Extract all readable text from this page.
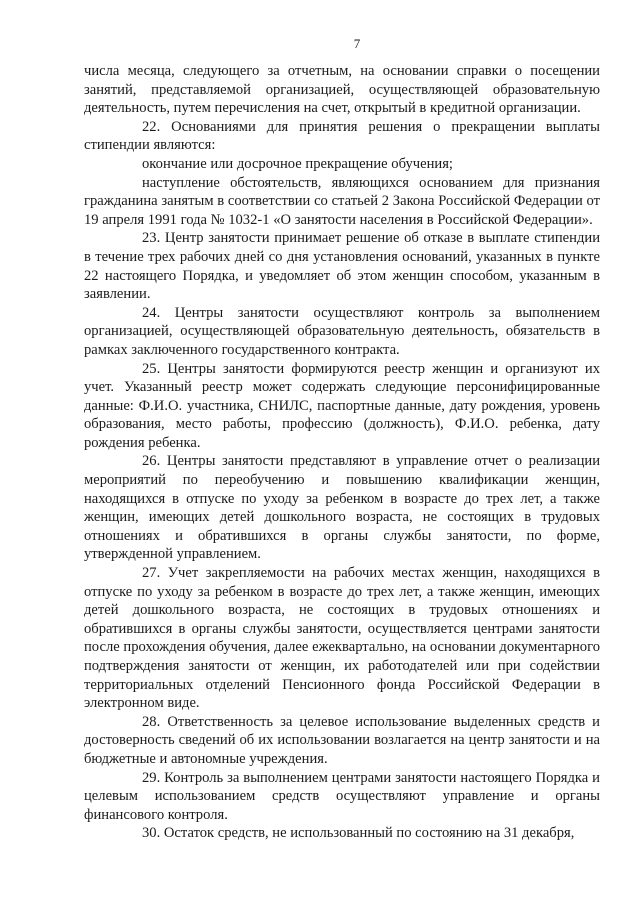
7

числа месяца, следующего за отчетным, на основании справки о посещении занятий, представляемой организацией, осуществляющей образовательную деятельность, путем перечисления на счет, открытый в кредитной организации.

22. Основаниями для принятия решения о прекращении выплаты стипендии являются:

окончание или досрочное прекращение обучения;

наступление обстоятельств, являющихся основанием для признания гражданина занятым в соответствии со статьей 2 Закона Российской Федерации от 19 апреля 1991 года № 1032-1 «О занятости населения в Российской Федерации».

23. Центр занятости принимает решение об отказе в выплате стипендии в течение трех рабочих дней со дня установления оснований, указанных в пункте 22 настоящего Порядка, и уведомляет об этом женщин способом, указанным в заявлении.

24. Центры занятости осуществляют контроль за выполнением организацией, осуществляющей образовательную деятельность, обязательств в рамках заключенного государственного контракта.

25. Центры занятости формируются реестр женщин и организуют их учет. Указанный реестр может содержать следующие персонифицированные данные: Ф.И.О. участника, СНИЛС, паспортные данные, дату рождения, уровень образования, место работы, профессию (должность), Ф.И.О. ребенка, дату рождения ребенка.

26. Центры занятости представляют в управление отчет о реализации мероприятий по переобучению и повышению квалификации женщин, находящихся в отпуске по уходу за ребенком в возрасте до трех лет, а также женщин, имеющих детей дошкольного возраста, не состоящих в трудовых отношениях и обратившихся в органы службы занятости, по форме, утвержденной управлением.

27. Учет закрепляемости на рабочих местах женщин, находящихся в отпуске по уходу за ребенком в возрасте до трех лет, а также женщин, имеющих детей дошкольного возраста, не состоящих в трудовых отношениях и обратившихся в органы службы занятости, осуществляется центрами занятости после прохождения обучения, далее ежеквартально, на основании документарного подтверждения занятости от женщин, их работодателей или при содействии территориальных отделений Пенсионного фонда Российской Федерации в электронном виде.

28. Ответственность за целевое использование выделенных средств и достоверность сведений об их использовании возлагается на центр занятости и на бюджетные и автономные учреждения.

29. Контроль за выполнением центрами занятости настоящего Порядка и целевым использованием средств осуществляют управление и органы финансового контроля.

30. Остаток средств, не использованный по состоянию на 31 декабря,
